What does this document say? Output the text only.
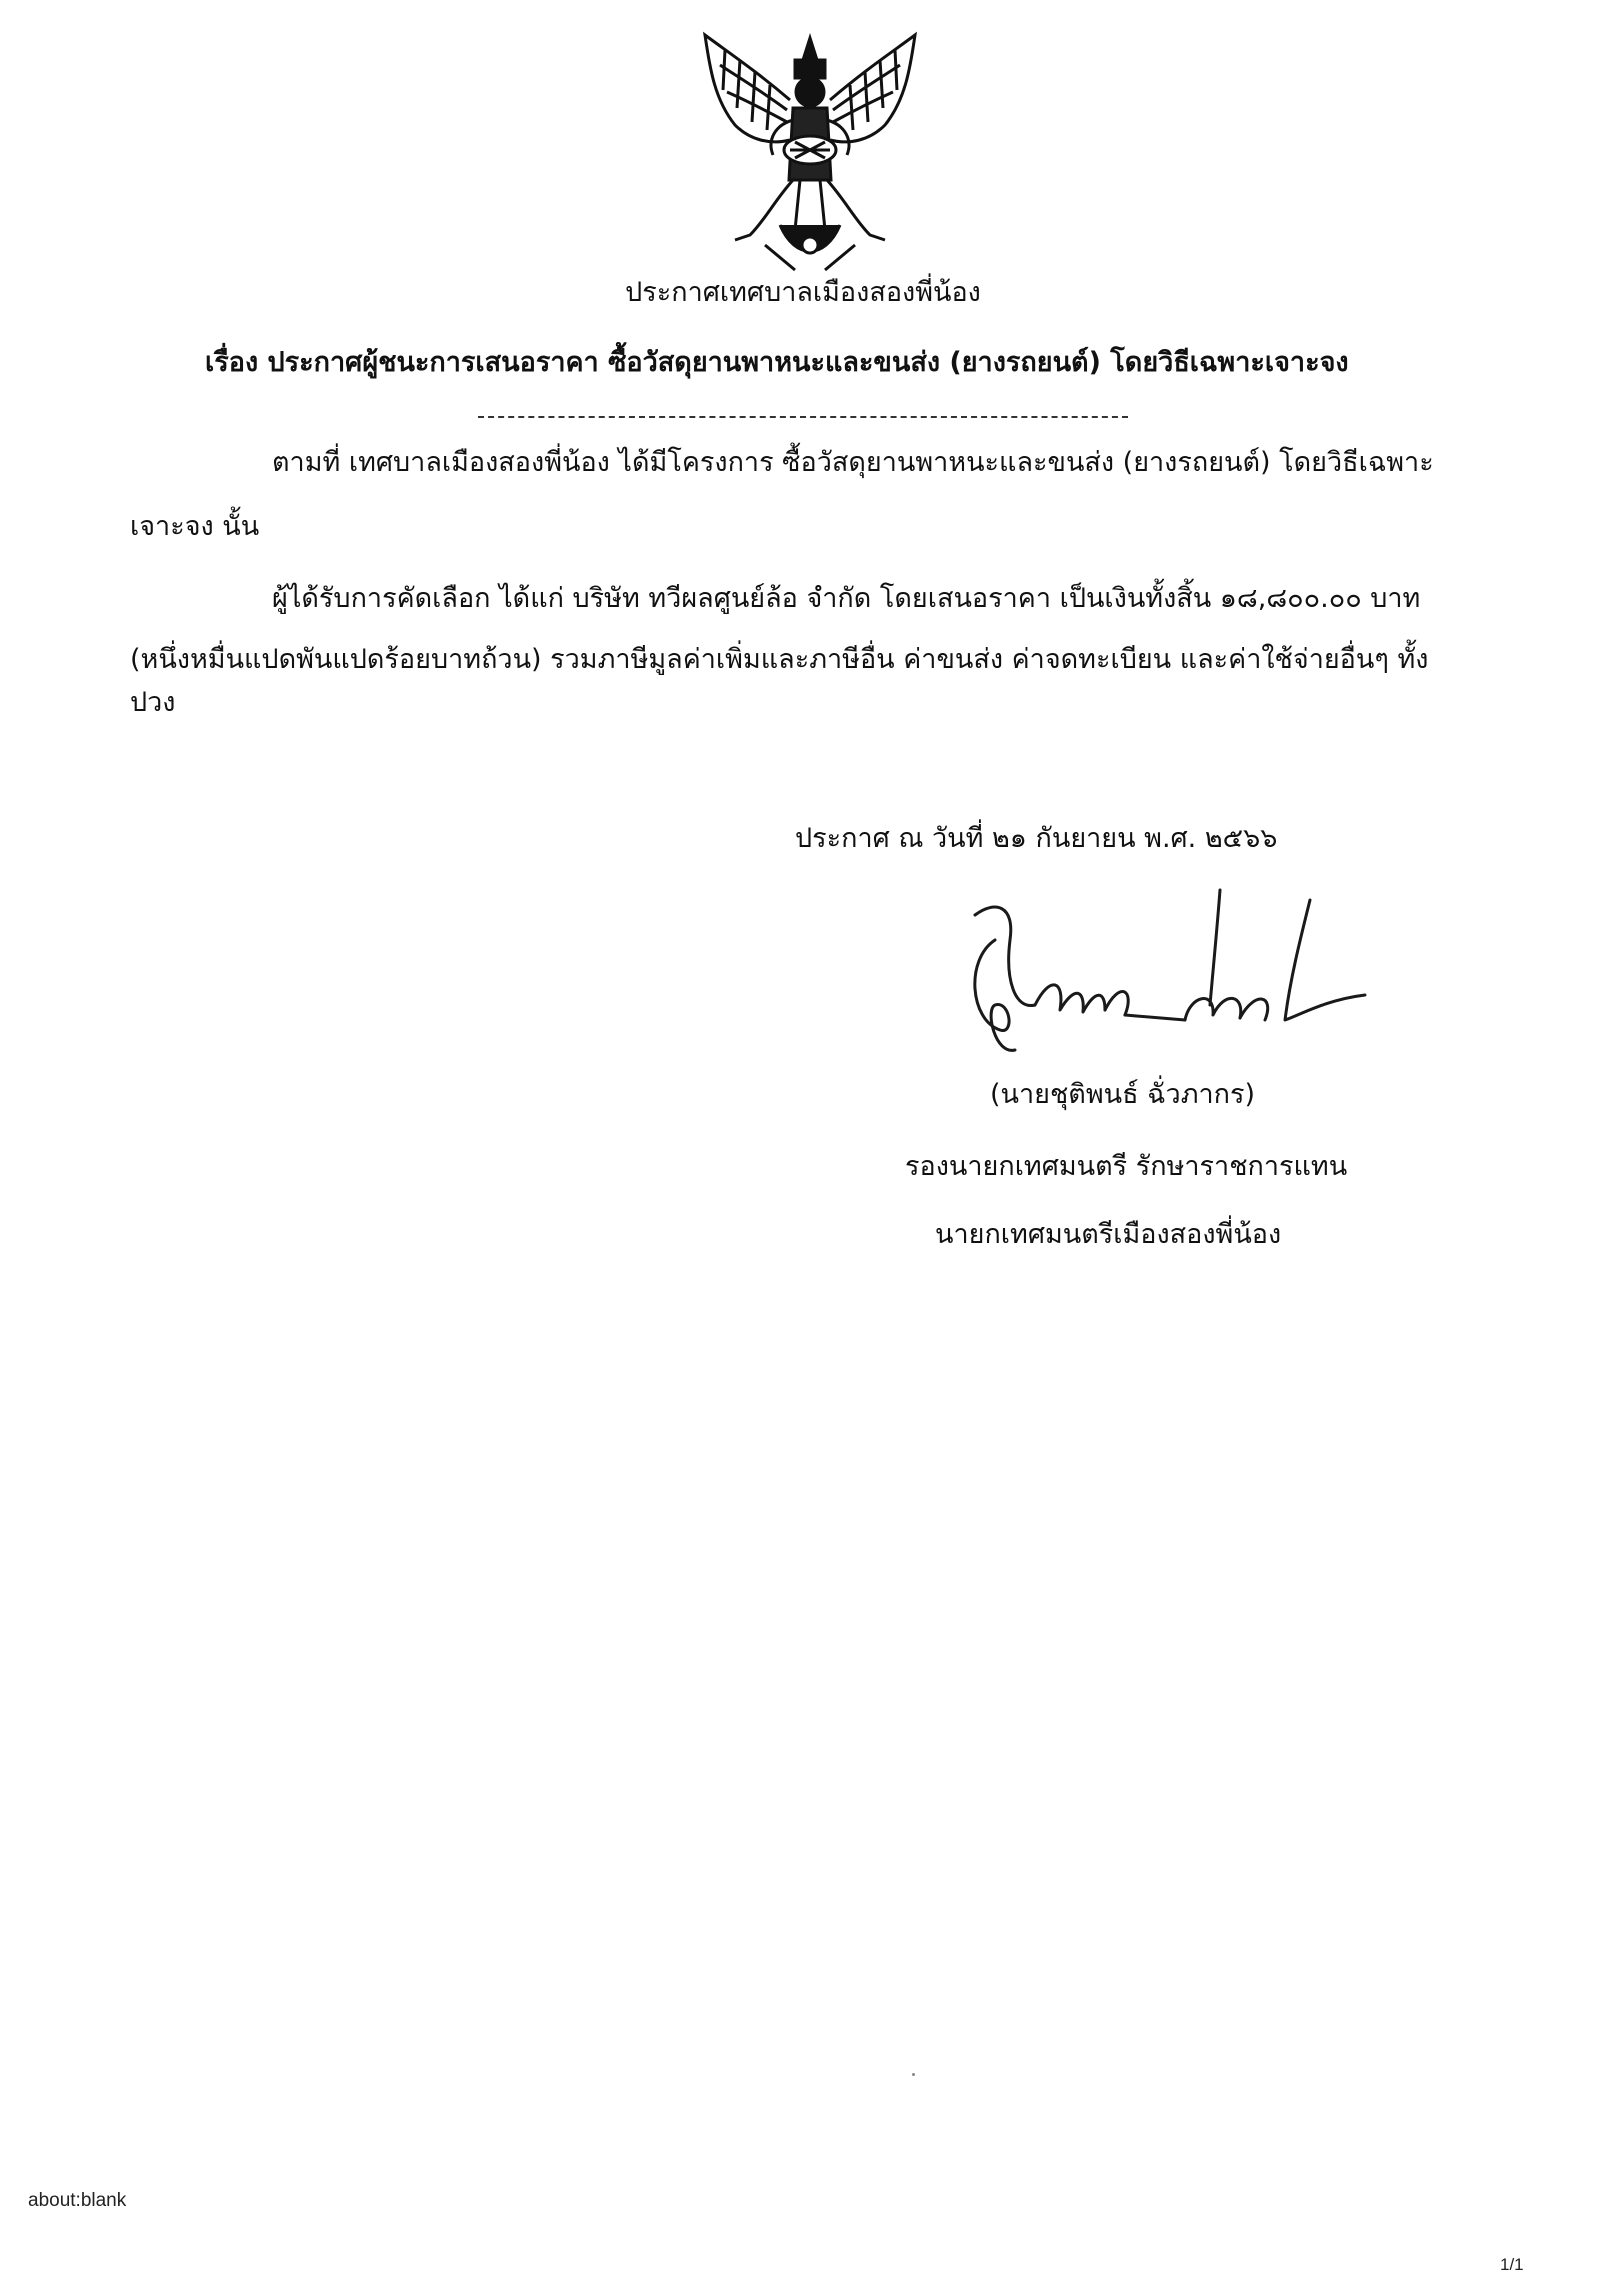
ประกาศเทศบาลเมืองสองพี่น้อง
เรื่อง ประกาศผู้ชนะการเสนอราคา ซื้อวัสดุยานพาหนะและขนส่ง (ยางรถยนต์) โดยวิธีเฉพาะเจาะจง
ตามที่ เทศบาลเมืองสองพี่น้อง ได้มีโครงการ ซื้อวัสดุยานพาหนะและขนส่ง (ยางรถยนต์) โดยวิธีเฉพาะ
เจาะจง นั้น
ผู้ได้รับการคัดเลือก ได้แก่ บริษัท ทวีผลศูนย์ล้อ จำกัด โดยเสนอราคา เป็นเงินทั้งสิ้น ๑๘,๘๐๐.๐๐ บาท
(หนึ่งหมื่นแปดพันแปดร้อยบาทถ้วน) รวมภาษีมูลค่าเพิ่มและภาษีอื่น ค่าขนส่ง ค่าจดทะเบียน และค่าใช้จ่ายอื่นๆ ทั้ง
ปวง
ประกาศ ณ วันที่ ๒๑ กันยายน พ.ศ. ๒๕๖๖
(นายชุติพนธ์ ฉั่วภากร)
รองนายกเทศมนตรี รักษาราชการแทน
นายกเทศมนตรีเมืองสองพี่น้อง
about:blank
1/1
